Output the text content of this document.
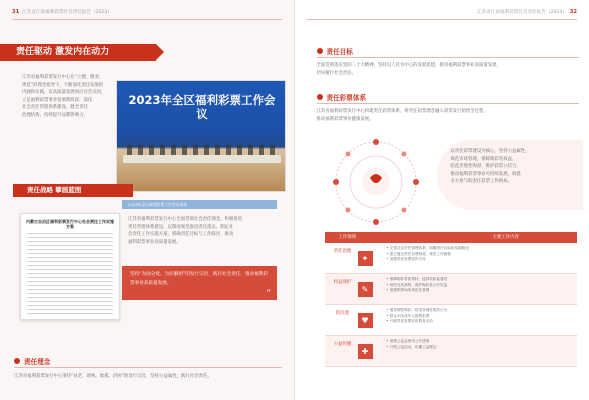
31 江苏省江南福利彩票社会责任报告（2023）
责任驱动 激发内在动力
江苏省福利彩票发行中心在“立德、敬业、
规范”的理念指导下，不断深化责任发展的
内涵和实践，以高质量发展回应社会关切，
立足福利彩票事业发展新阶段，深化
社会责任管理体系建设，健全责任
治理结构，持续提升品牌影响力。
2023年全区福利彩票工作会议
责任战略 擘画蓝图
2023年全区福利彩票工作会议现场
内蒙古自治区福利彩票发行中心社会责任工作实施方案
江苏省福利彩票发行中心全面贯彻社会责任理念，积极推进
责任管理体系建设，以制度规范推进责任落实。制定社
会责任工作实施方案，明确责任目标与工作路径，推动
福利彩票事业高质量发展。
坚持“为国分忧、为民解困”的发行宗旨，践行社会责任，推动福利彩票事业高质量发展。
”
责任理念
江苏省福利彩票发行中心秉持“扶老、助残、救孤、济困”的发行宗旨，坚持公益属性，践行社会责任。
江苏省江南福利彩票社会责任报告（2023） 32
责任目标
全面贯彻落实党的二十大精神，坚持以人民为中心的发展思想，推进福利彩票事业高质量发展，
切实履行社会责任。
责任彩票体系
江苏省福利彩票发行中心构建责任彩票体系，将责任彩票理念融入彩票发行销售全过程，
推动福利彩票事业健康发展。
以责任彩票建设为核心，坚持公益属性，
规范市场管理，保障购彩者权益，
防范非理性购彩，维护彩票公信力，
推动福利彩票事业可持续发展，构建
多方参与的责任彩票工作格局。
工作领域	主要工作内容
责任治理
✦
• 完善社会责任管理体系，明确责任目标和实施路径
• 建立健全责任彩票制度，规范工作流程
• 加强责任彩票宣传引导
权益保护
✎
• 保障购彩者知情权、选择权和监督权
• 规范兑奖流程，维护购彩者合法权益
• 加强销售场所规范化管理
防沉迷
♥
• 倡导理性购彩，防范非理性购彩行为
• 禁止向未成年人销售彩票
• 开展责任彩票宣传教育活动
公益传播
✚
• 加强公益金使用公开透明
• 开展公益活动，传播公益理念
